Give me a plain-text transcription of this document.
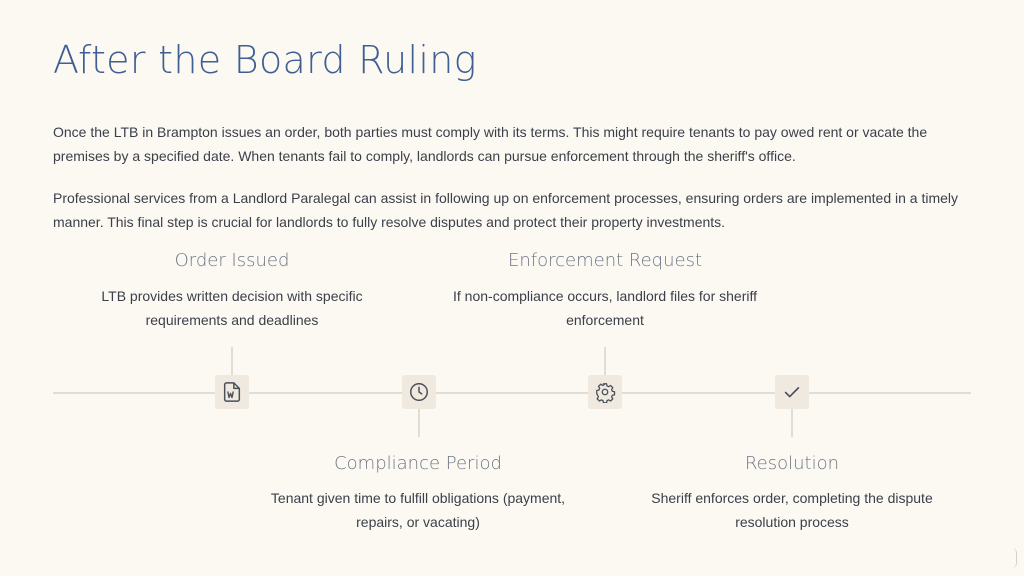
After the Board Ruling

Once the LTB in Brampton issues an order, both parties must comply with its terms. This might require tenants to pay owed rent or vacate the premises by a specified date. When tenants fail to comply, landlords can pursue enforcement through the sheriff's office.

Professional services from a Landlord Paralegal can assist in following up on enforcement processes, ensuring orders are implemented in a timely manner. This final step is crucial for landlords to fully resolve disputes and protect their property investments.

Order Issued

LTB provides written decision with specific requirements and deadlines

Compliance Period

Tenant given time to fulfill obligations (payment, repairs, or vacating)

Enforcement Request

If non-compliance occurs, landlord files for sheriff enforcement

Resolution

Sheriff enforces order, completing the dispute resolution process
